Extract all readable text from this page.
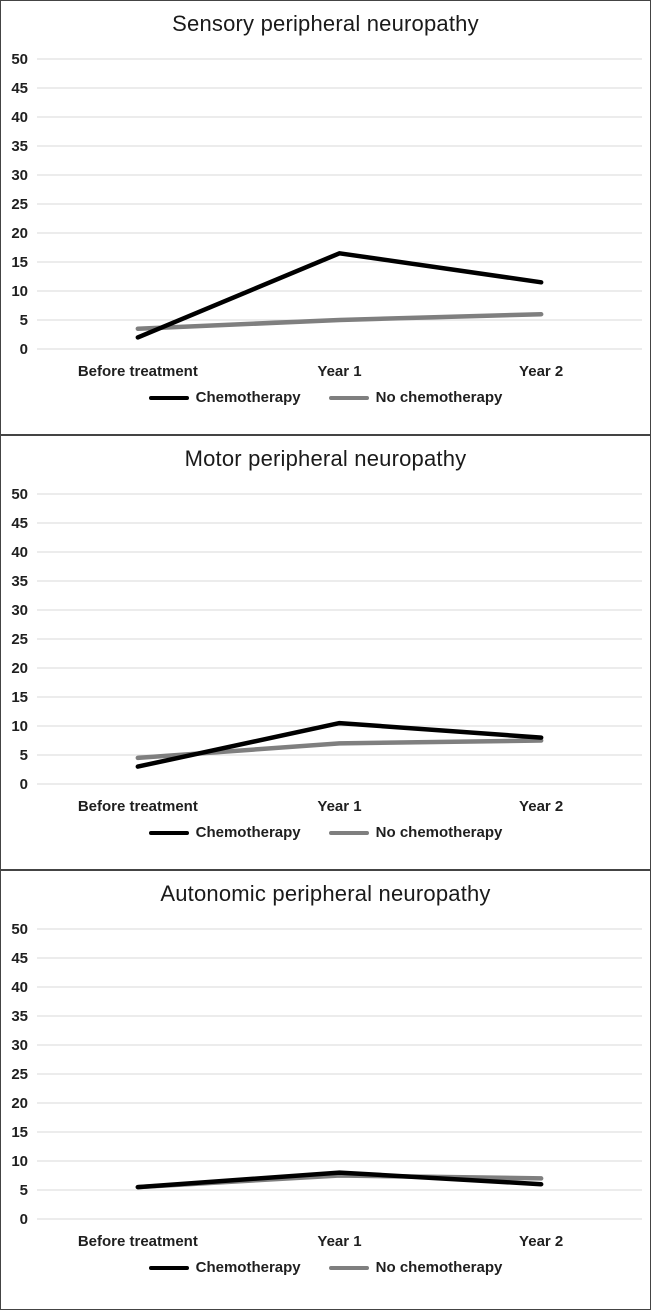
Sensory peripheral neuropathy
0
5
10
15
20
25
30
35
40
45
50
Before treatment	Year 1	Year 2
Chemotherapy	No chemotherapy
Motor peripheral neuropathy
0
5
10
15
20
25
30
35
40
45
50
Before treatment	Year 1	Year 2
Chemotherapy	No chemotherapy
Autonomic peripheral neuropathy
0
5
10
15
20
25
30
35
40
45
50
Before treatment	Year 1	Year 2
Chemotherapy	No chemotherapy
